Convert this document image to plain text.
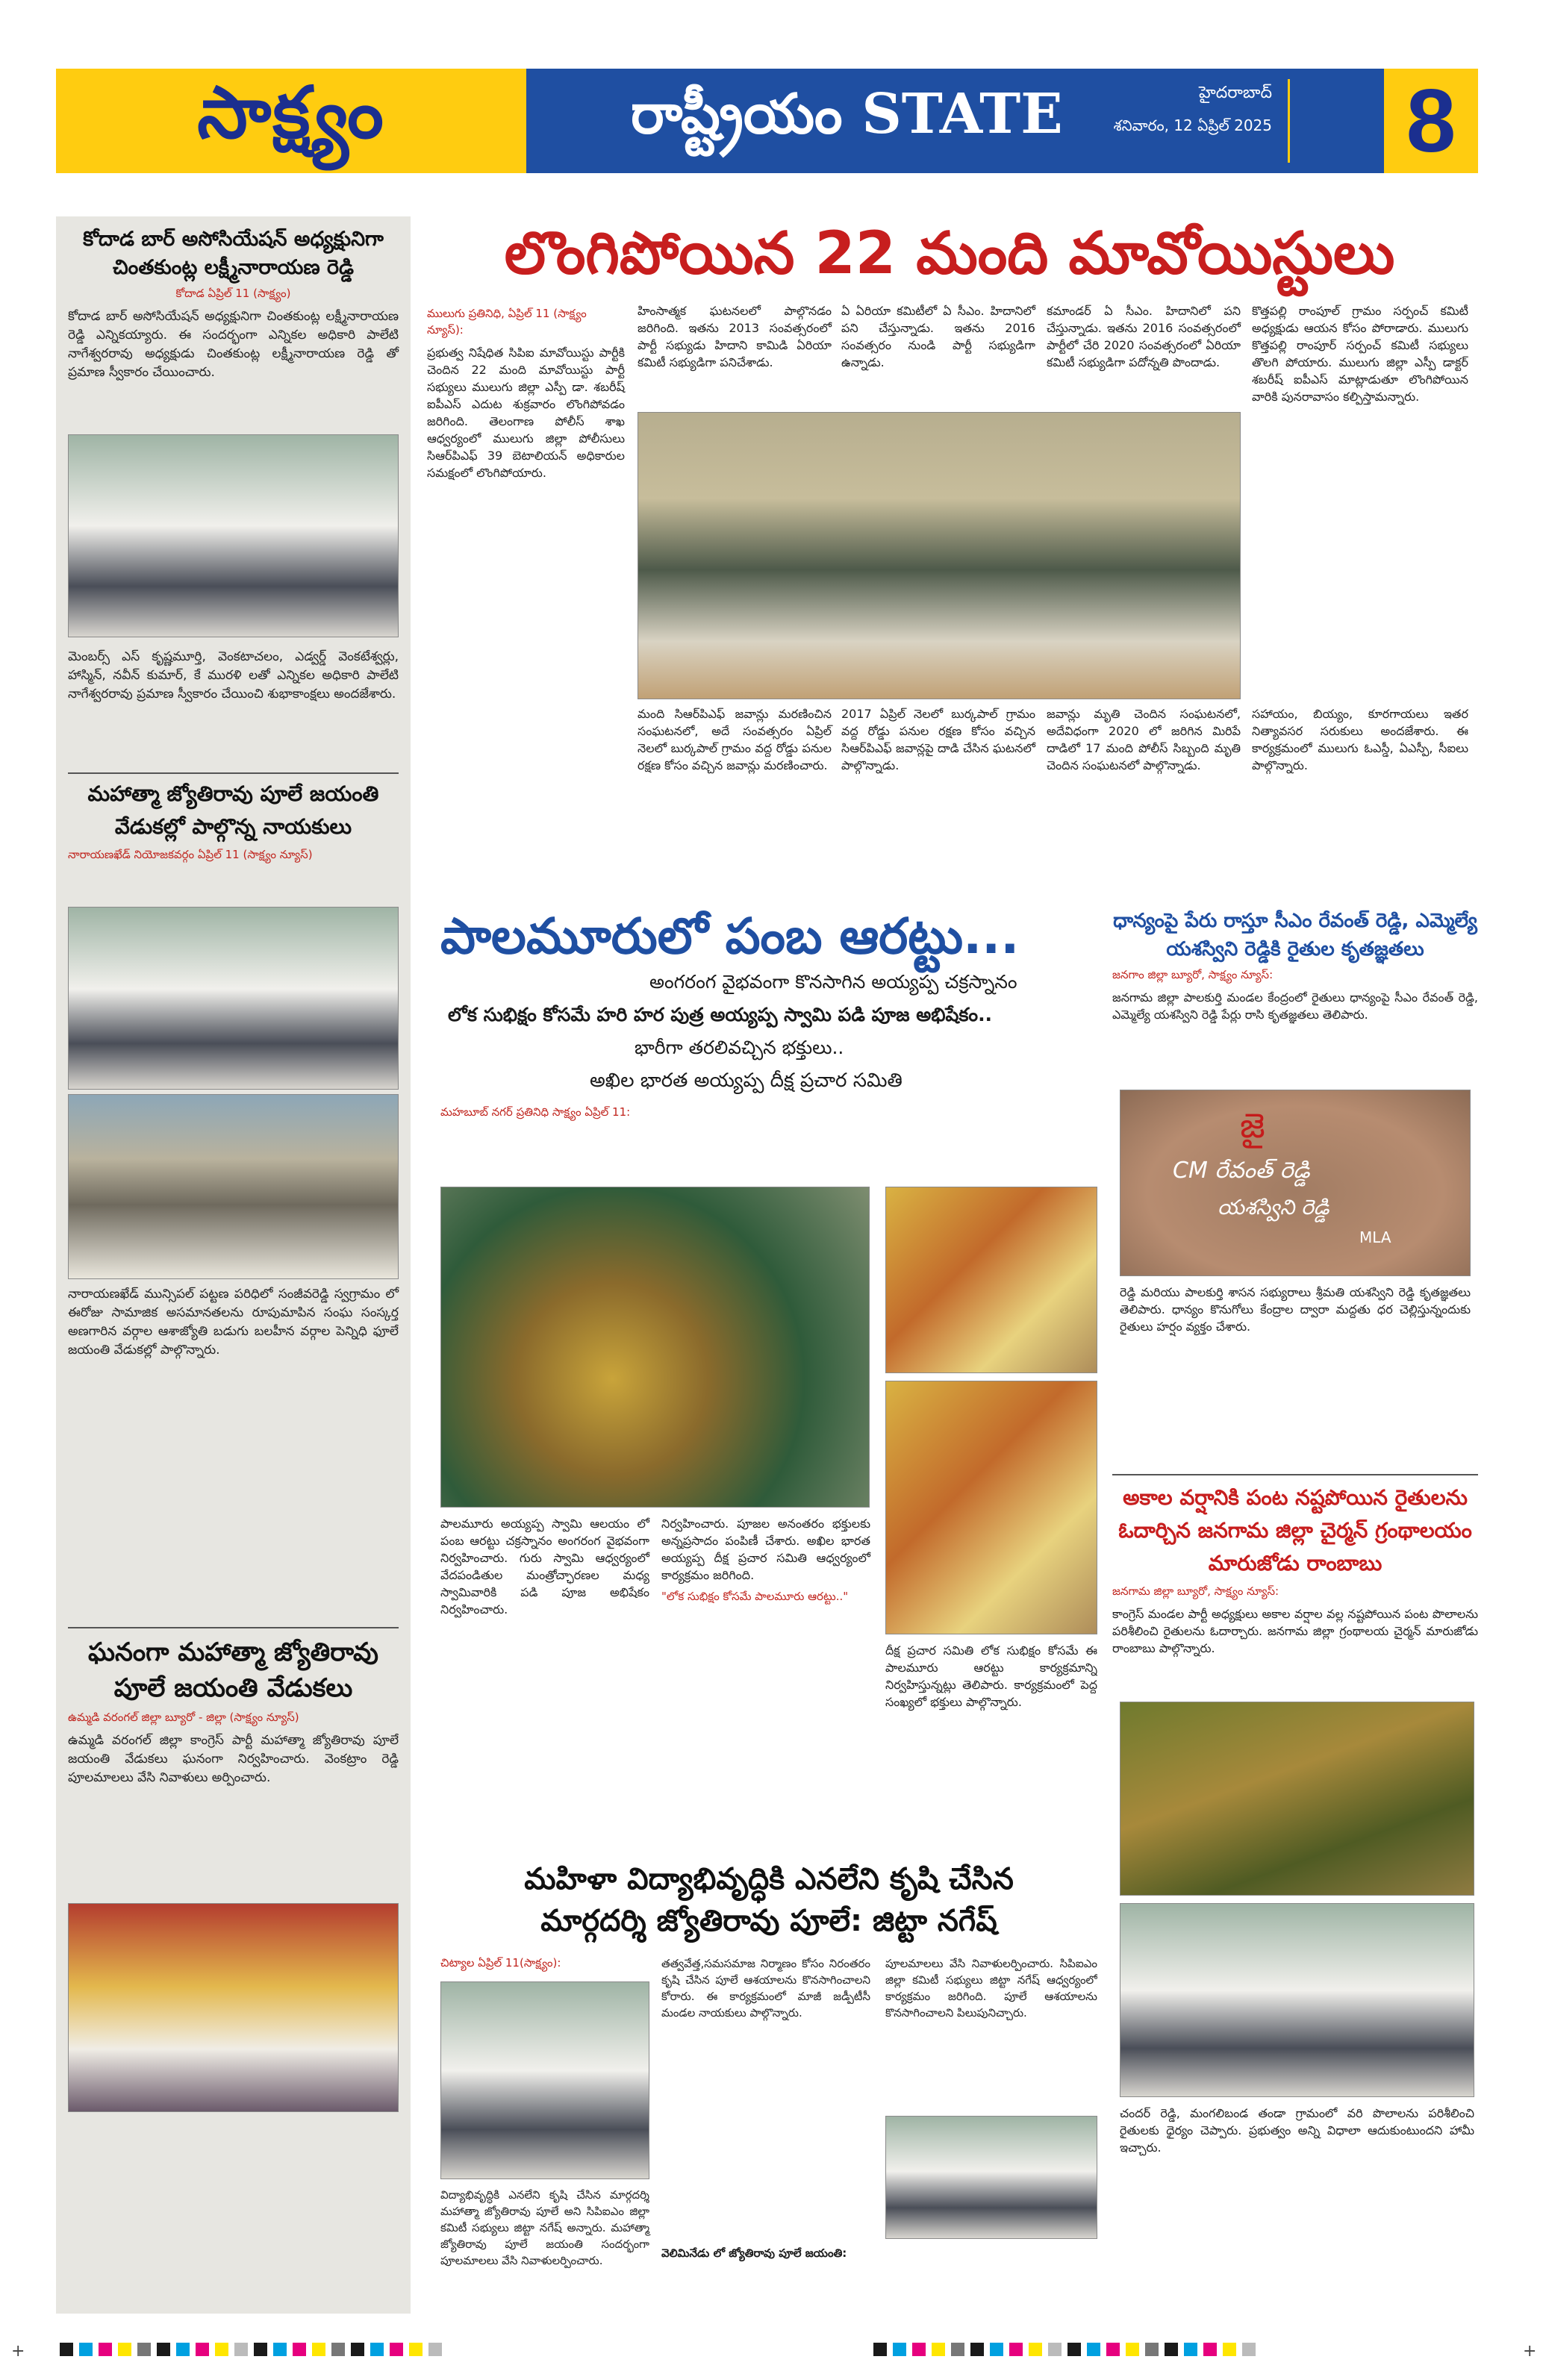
సాక్ష్యం	రాష్ట్రీయం STATE	హైదరాబాద్
శనివారం, 12 ఏప్రిల్ 2025 8
కోదాడ బార్ అసోసియేషన్ అధ్యక్షునిగా చింతకుంట్ల లక్ష్మీనారాయణ రెడ్డి

కోదాడ ఏప్రిల్ 11 (సాక్ష్యం)

కోదాడ బార్ అసోసియేషన్ అధ్యక్షునిగా చింతకుంట్ల లక్ష్మీనారాయణ రెడ్డి ఎన్నికయ్యారు. ఈ సందర్భంగా ఎన్నికల అధికారి పాలేటి నాగేశ్వరరావు అధ్యక్షుడు చింతకుంట్ల లక్ష్మీనారాయణ రెడ్డి తో ప్రమాణ స్వీకారం చేయించారు.

మెంబర్స్ ఎస్ కృష్ణమూర్తి, వెంకటాచలం, ఎడ్వర్డ్ వెంకటేశ్వర్లు, హాస్మిన్, నవీన్ కుమార్, కే మురళి లతో ఎన్నికల అధికారి పాలేటి నాగేశ్వరరావు ప్రమాణ స్వీకారం చేయించి శుభాకాంక్షలు అందజేశారు.

మహాత్మా జ్యోతిరావు పూలే జయంతి వేడుకల్లో పాల్గొన్న నాయకులు

నారాయణఖేడ్ నియోజకవర్గం ఏప్రిల్ 11 (సాక్ష్యం న్యూస్)

నారాయణఖేడ్ మున్సిపల్ పట్టణ పరిధిలో సంజీవరెడ్డి స్వగ్రామం లో ఈరోజు సామాజిక అసమానతలను రూపుమాపిన సంఘ సంస్కర్త అణగారిన వర్గాల ఆశాజ్యోతి బడుగు బలహీన వర్గాల పెన్నిధి ఫూలే జయంతి వేడుకల్లో పాల్గొన్నారు.

ఘనంగా మహాత్మా జ్యోతిరావు పూలే జయంతి వేడుకలు

ఉమ్మడి వరంగల్ జిల్లా బ్యూరో - జిల్లా (సాక్ష్యం న్యూస్)

ఉమ్మడి వరంగల్ జిల్లా కాంగ్రెస్ పార్టీ మహాత్మా జ్యోతిరావు పూలే జయంతి వేడుకలు ఘనంగా నిర్వహించారు. వెంకట్రాం రెడ్డి పూలమాలలు వేసి నివాళులు అర్పించారు.

లొంగిపోయిన 22 మంది మావోయిస్టులు

ములుగు ప్రతినిధి, ఏప్రిల్ 11 (సాక్ష్యం న్యూస్):

ప్రభుత్వ నిషేధిత సిపిఐ మావోయిస్టు పార్టీకి చెందిన 22 మంది మావోయిస్టు పార్టీ సభ్యులు ములుగు జిల్లా ఎస్పీ డా. శబరీష్ ఐపీఎస్ ఎదుట శుక్రవారం లొంగిపోవడం జరిగింది. తెలంగాణ పోలీస్ శాఖ ఆధ్వర్యంలో ములుగు జిల్లా పోలీసులు సిఆర్‌పిఎఫ్ 39 బెటాలియన్ అధికారుల సమక్షంలో లొంగిపోయారు.

హింసాత్మక ఘటనలలో పాల్గొనడం జరిగింది. ఇతను 2013 సంవత్సరంలో పార్టీ సభ్యుడు హిదాని కామిడి ఏరియా కమిటీ సభ్యుడిగా పనిచేశాడు.

ఏ ఏరియా కమిటీలో ఏ సీఎం. హిదానిలో పని చేస్తున్నాడు. ఇతను 2016 సంవత్సరం నుండి పార్టీ సభ్యుడిగా ఉన్నాడు.

కమాండర్ ఏ సీఎం. హిదానిలో పని చేస్తున్నాడు. ఇతను 2016 సంవత్సరంలో పార్టీలో చేరి 2020 సంవత్సరంలో ఏరియా కమిటీ సభ్యుడిగా పదోన్నతి పొందాడు.

కొత్తపల్లి రాంపూల్ గ్రామం సర్పంచ్ కమిటీ అధ్యక్షుడు ఆయన కోసం పోరాడారు. ములుగు కొత్తపల్లి రాంపూర్ సర్పంచ్ కమిటీ సభ్యులు తొలగి పోయారు. ములుగు జిల్లా ఎస్పీ డాక్టర్ శబరీష్ ఐపీఎస్ మాట్లాడుతూ లొంగిపోయిన వారికి పునరావాసం కల్పిస్తామన్నారు.

మంది సిఆర్‌పిఎఫ్ జవాన్లు మరణించిన సంఘటనలో, అదే సంవత్సరం ఏప్రిల్ నెలలో బుర్కపాల్ గ్రామం వద్ద రోడ్డు పనుల రక్షణ కోసం వచ్చిన జవాన్లు మరణించారు.

2017 ఏప్రిల్ నెలలో బుర్కపాల్ గ్రామం వద్ద రోడ్డు పనుల రక్షణ కోసం వచ్చిన సిఆర్‌పిఎఫ్ జవాన్లపై దాడి చేసిన ఘటనలో పాల్గొన్నాడు.

జవాన్లు మృతి చెందిన సంఘటనలో, అదేవిధంగా 2020 లో జరిగిన మిరిపే దాడిలో 17 మంది పోలీస్ సిబ్బంది మృతి చెందిన సంఘటనలో పాల్గొన్నాడు.

సహాయం, బియ్యం, కూరగాయలు ఇతర నిత్యావసర సరుకులు అందజేశారు. ఈ కార్యక్రమంలో ములుగు ఓఎస్డీ, ఏఎస్పీ, సీఐలు పాల్గొన్నారు.

పాలమూరులో పంబ ఆరట్టు...

అంగరంగ వైభవంగా కొనసాగిన అయ్యప్ప చక్రస్నానం

లోక సుభిక్షం కోసమే హరి హర పుత్ర అయ్యప్ప స్వామి పడి పూజ అభిషేకం..

భారీగా తరలివచ్చిన భక్తులు..

అఖిల భారత అయ్యప్ప దీక్ష ప్రచార సమితి

మహబూబ్ నగర్ ప్రతినిధి సాక్ష్యం ఏప్రిల్ 11:

పాలమూరు అయ్యప్ప స్వామి ఆలయం లో పంబ ఆరట్టు చక్రస్నానం అంగరంగ వైభవంగా నిర్వహించారు. గురు స్వామి ఆధ్వర్యంలో వేదపండితుల మంత్రోచ్ఛారణల మధ్య స్వామివారికి పడి పూజ అభిషేకం నిర్వహించారు.

నిర్వహించారు. పూజల అనంతరం భక్తులకు అన్నప్రసాదం పంపిణీ చేశారు. అఖిల భారత అయ్యప్ప దీక్ష ప్రచార సమితి ఆధ్వర్యంలో కార్యక్రమం జరిగింది.

"లోక సుభిక్షం కోసమే పాలమూరు ఆరట్టు.."

దీక్ష ప్రచార సమితి లోక సుభిక్షం కోసమే ఈ పాలమూరు ఆరట్టు కార్యక్రమాన్ని నిర్వహిస్తున్నట్లు తెలిపారు. కార్యక్రమంలో పెద్ద సంఖ్యలో భక్తులు పాల్గొన్నారు.

ధాన్యంపై పేరు రాస్తూ సీఎం రేవంత్ రెడ్డి, ఎమ్మెల్యే యశస్విని రెడ్డికి రైతుల కృతజ్ఞతలు

జనగాం జిల్లా బ్యూరో, సాక్ష్యం న్యూస్:

జనగామ జిల్లా పాలకుర్తి మండల కేంద్రంలో రైతులు ధాన్యంపై సీఎం రేవంత్ రెడ్డి, ఎమ్మెల్యే యశస్విని రెడ్డి పేర్లు రాసి కృతజ్ఞతలు తెలిపారు.

జై
CM రేవంత్ రెడ్డి
యశస్విని రెడ్డి
MLA

రెడ్డి మరియు పాలకుర్తి శాసన సభ్యురాలు శ్రీమతి యశస్విని రెడ్డి కృతజ్ఞతలు తెలిపారు. ధాన్యం కొనుగోలు కేంద్రాల ద్వారా మద్దతు ధర చెల్లిస్తున్నందుకు రైతులు హర్షం వ్యక్తం చేశారు.

అకాల వర్షానికి పంట నష్టపోయిన రైతులను ఓదార్చిన జనగామ జిల్లా చైర్మన్ గ్రంథాలయం మారుజోడు రాంబాబు

జనగామ జిల్లా బ్యూరో, సాక్ష్యం న్యూస్:

కాంగ్రెస్ మండల పార్టీ అధ్యక్షులు అకాల వర్షాల వల్ల నష్టపోయిన పంట పొలాలను పరిశీలించి రైతులను ఓదార్చారు. జనగామ జిల్లా గ్రంథాలయ చైర్మన్ మారుజోడు రాంబాబు పాల్గొన్నారు.

చందర్ రెడ్డి, మంగలిబండ తండా గ్రామంలో వరి పొలాలను పరిశీలించి రైతులకు ధైర్యం చెప్పారు. ప్రభుత్వం అన్ని విధాలా ఆదుకుంటుందని హామీ ఇచ్చారు.

మహిళా విద్యాభివృద్ధికి ఎనలేని కృషి చేసిన
మార్గదర్శి జ్యోతిరావు పూలే: జిట్టా నగేష్

చిట్యాల ఏప్రిల్ 11(సాక్ష్యం):

విద్యాభివృద్ధికి ఎనలేని కృషి చేసిన మార్గదర్శి మహాత్మా జ్యోతిరావు పూలే అని సిపిఐఎం జిల్లా కమిటీ సభ్యులు జిట్టా నగేష్ అన్నారు. మహాత్మా జ్యోతిరావు పూలే జయంతి సందర్భంగా పూలమాలలు వేసి నివాళులర్పించారు.

తత్వవేత్త,సమసమాజ నిర్మాణం కోసం నిరంతరం కృషి చేసిన పూలే ఆశయాలను కొనసాగించాలని కోరారు. ఈ కార్యక్రమంలో మాజీ జడ్పీటీసీ మండల నాయకులు పాల్గొన్నారు.

పూలమాలలు వేసి నివాళులర్పించారు. సిపిఐఎం జిల్లా కమిటీ సభ్యులు జిట్టా నగేష్ ఆధ్వర్యంలో కార్యక్రమం జరిగింది. పూలే ఆశయాలను కొనసాగించాలని పిలుపునిచ్చారు.

వెలిమినేడు లో జ్యోతిరావు పూలే జయంతి:

+	+
